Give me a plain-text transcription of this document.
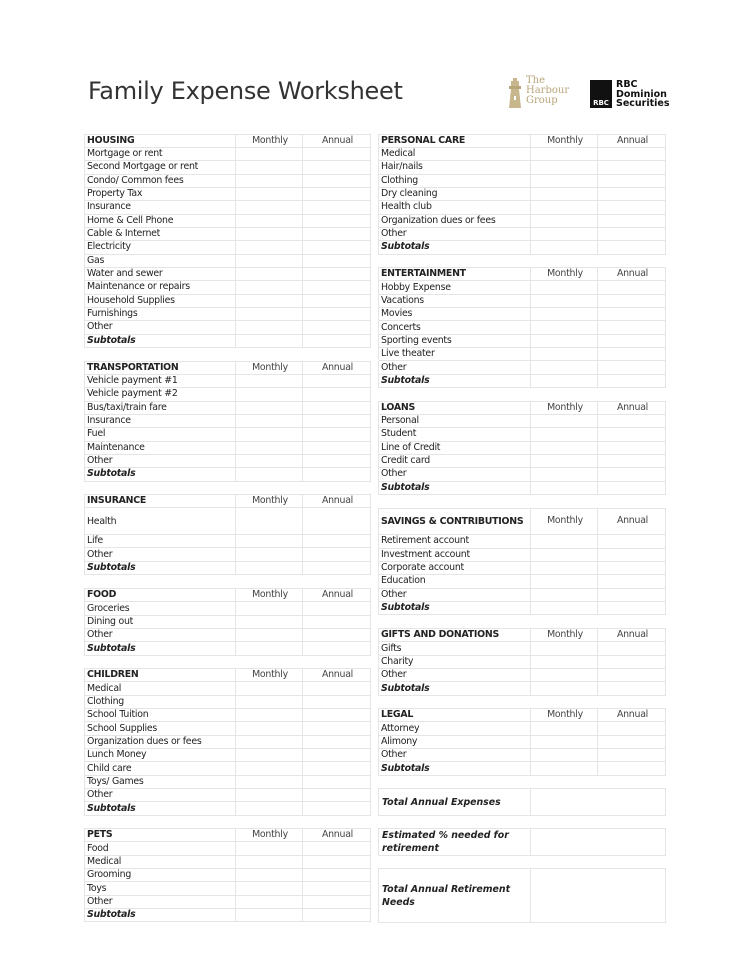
Family Expense Worksheet	The
Harbour
Group	RBC
RBC
Dominion
Securities
HOUSING	Monthly	Annual
Mortgage or rent		
Second Mortgage or rent		
Condo/ Common fees		
Property Tax		
Insurance		
Home & Cell Phone		
Cable & Internet		
Electricity		
Gas		
Water and sewer		
Maintenance or repairs		
Household Supplies		
Furnishings		
Other		
Subtotals		
TRANSPORTATION	Monthly	Annual
Vehicle payment #1		
Vehicle payment #2		
Bus/taxi/train fare		
Insurance		
Fuel		
Maintenance		
Other		
Subtotals		
INSURANCE	Monthly	Annual
Health		
Life		
Other		
Subtotals		
FOOD	Monthly	Annual
Groceries		
Dining out		
Other		
Subtotals		
CHILDREN	Monthly	Annual
Medical		
Clothing		
School Tuition		
School Supplies		
Organization dues or fees		
Lunch Money		
Child care		
Toys/ Games		
Other		
Subtotals		
PETS	Monthly	Annual
Food		
Medical		
Grooming		
Toys		
Other		
Subtotals		
PERSONAL CARE	Monthly	Annual
Medical		
Hair/nails		
Clothing		
Dry cleaning		
Health club		
Organization dues or fees		
Other		
Subtotals		
ENTERTAINMENT	Monthly	Annual
Hobby Expense		
Vacations		
Movies		
Concerts		
Sporting events		
Live theater		
Other		
Subtotals		
LOANS	Monthly	Annual
Personal		
Student		
Line of Credit		
Credit card		
Other		
Subtotals		
SAVINGS & CONTRIBUTIONS	Monthly	Annual
Retirement account		
Investment account		
Corporate account		
Education		
Other		
Subtotals		
GIFTS AND DONATIONS	Monthly	Annual
Gifts		
Charity		
Other		
Subtotals		
LEGAL	Monthly	Annual
Attorney		
Alimony		
Other		
Subtotals		
Total Annual Expenses	
Estimated % needed for retirement	
Total Annual Retirement Needs	
